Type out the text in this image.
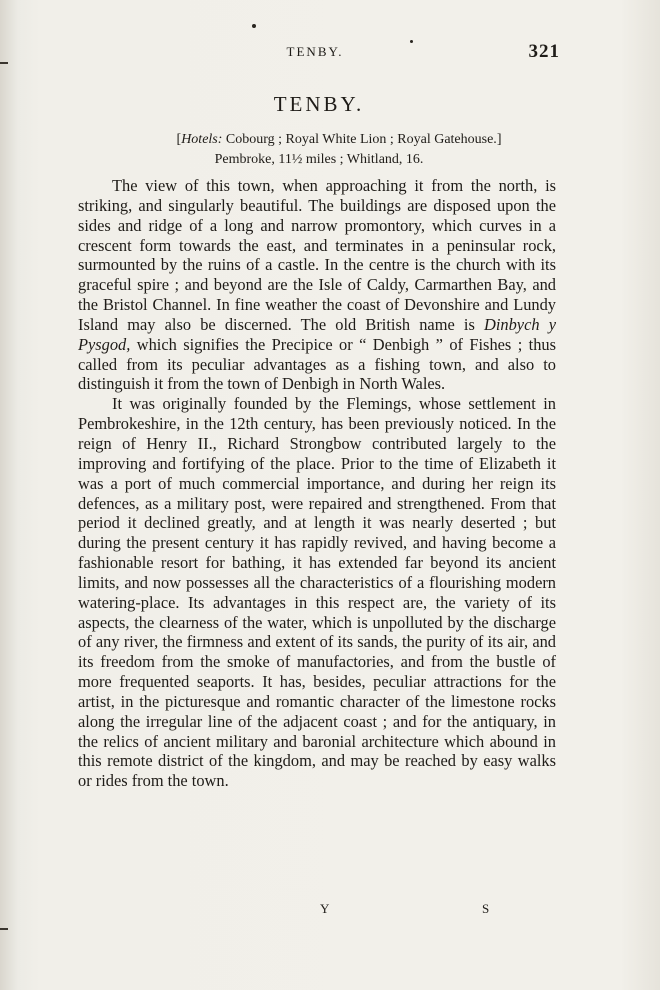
TENBY.	321
TENBY.
[Hotels: Cobourg ; Royal White Lion ; Royal Gatehouse.]
Pembroke, 11½ miles ; Whitland, 16.

The view of this town, when approaching it from the north, is striking, and singularly beautiful. The buildings are disposed upon the sides and ridge of a long and narrow promontory, which curves in a crescent form towards the east, and terminates in a peninsular rock, surmounted by the ruins of a castle. In the centre is the church with its graceful spire ; and beyond are the Isle of Caldy, Carmarthen Bay, and the Bristol Channel. In fine weather the coast of Devonshire and Lundy Island may also be discerned. The old British name is Dinbych y Pysgod, which signifies the Precipice or “ Denbigh ” of Fishes ; thus called from its peculiar advantages as a fishing town, and also to distinguish it from the town of Denbigh in North Wales.

It was originally founded by the Flemings, whose settlement in Pembrokeshire, in the 12th century, has been previously noticed. In the reign of Henry II., Richard Strongbow contributed largely to the improving and fortifying of the place. Prior to the time of Elizabeth it was a port of much commercial importance, and during her reign its defences, as a military post, were repaired and strengthened. From that period it declined greatly, and at length it was nearly deserted ; but during the present century it has rapidly revived, and having become a fashionable resort for bathing, it has extended far beyond its ancient limits, and now possesses all the characteristics of a flourishing modern watering-place. Its advantages in this respect are, the variety of its aspects, the clearness of the water, which is unpolluted by the discharge of any river, the firmness and extent of its sands, the purity of its air, and its freedom from the smoke of manufactories, and from the bustle of more frequented seaports. It has, besides, peculiar attractions for the artist, in the picturesque and romantic character of the limestone rocks along the irregular line of the adjacent coast ; and for the antiquary, in the relics of ancient military and baronial architecture which abound in this remote district of the kingdom, and may be reached by easy walks or rides from the town.

Y	S
